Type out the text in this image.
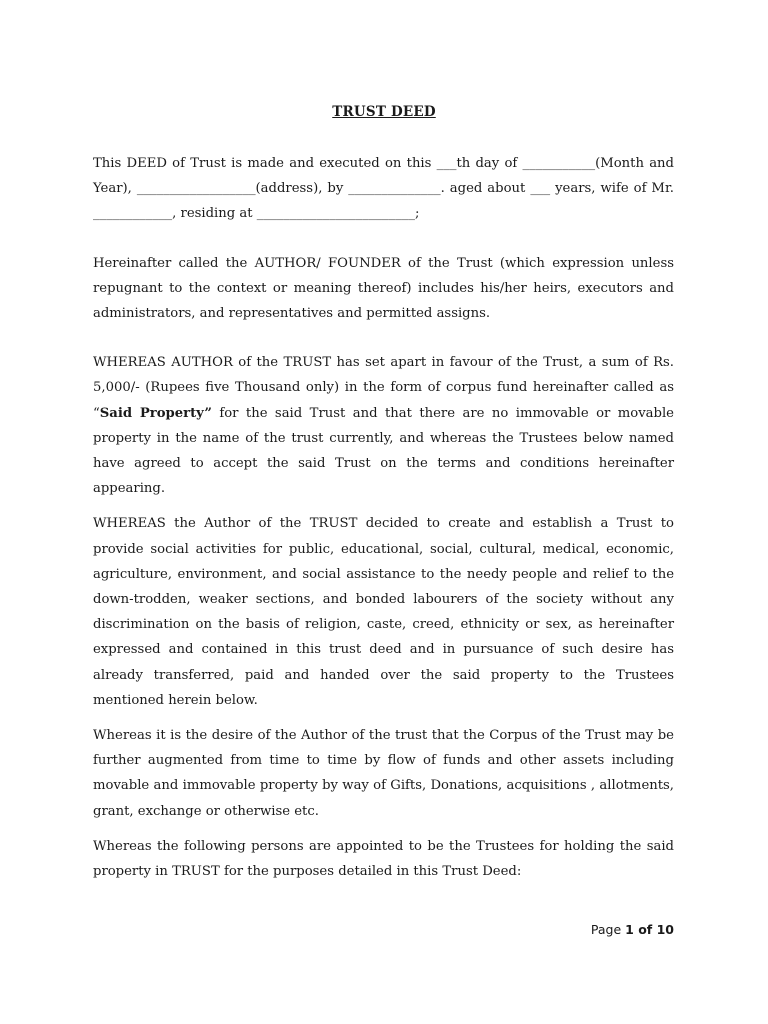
TRUST DEED

This DEED of Trust is made and executed on this ___th day of ___________(Month and Year), __________________(address), by ______________. aged about ___ years, wife of Mr. ____________, residing at ________________________;

Hereinafter called the AUTHOR/ FOUNDER of the Trust (which expression unless repugnant to the context or meaning thereof) includes his/her heirs, executors and administrators, and representatives and permitted assigns.

WHEREAS AUTHOR of the TRUST has set apart in favour of the Trust, a sum of Rs. 5,000/- (Rupees five Thousand only) in the form of corpus fund hereinafter called as “Said Property” for the said Trust and that there are no immovable or movable property in the name of the trust currently, and whereas the Trustees below named have agreed to accept the said Trust on the terms and conditions hereinafter appearing.

WHEREAS the Author of the TRUST decided to create and establish a Trust to provide social activities for public, educational, social, cultural, medical, economic, agriculture, environment, and social assistance to the needy people and relief to the down-trodden, weaker sections, and bonded labourers of the society without any discrimination on the basis of religion, caste, creed, ethnicity or sex, as hereinafter expressed and contained in this trust deed and in pursuance of such desire has already transferred, paid and handed over the said property to the Trustees mentioned herein below.

Whereas it is the desire of the Author of the trust that the Corpus of the Trust may be further augmented from time to time by flow of funds and other assets including movable and immovable property by way of Gifts, Donations, acquisitions , allotments, grant, exchange or otherwise etc.

Whereas the following persons are appointed to be the Trustees for holding the said property in TRUST for the purposes detailed in this Trust Deed:

Page 1 of 10
